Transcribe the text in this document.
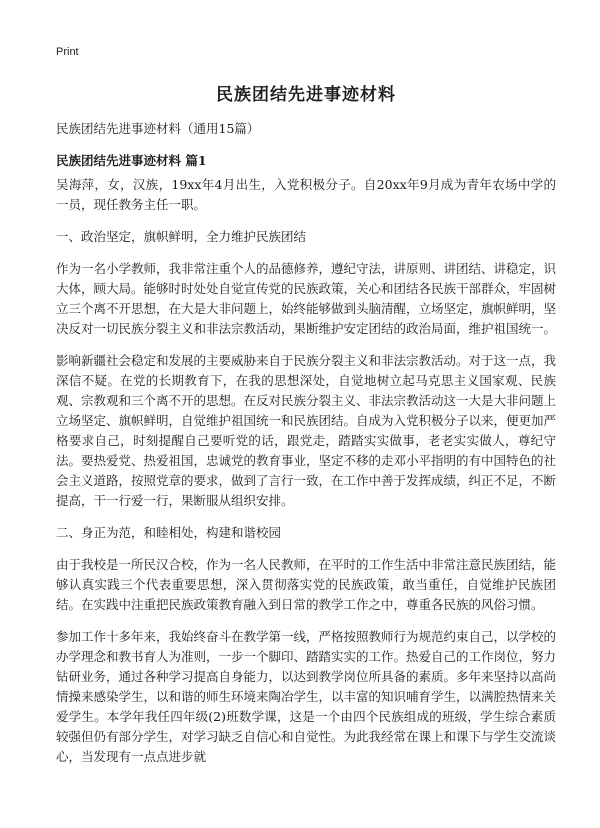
Print
民族团结先进事迹材料

民族团结先进事迹材料（通用15篇）

民族团结先进事迹材料 篇1

吴海萍，女，汉族，19xx年4月出生，入党积极分子。自20xx年9月成为青年农场中学的一员，现任教务主任一职。

一、政治坚定，旗帜鲜明，全力维护民族团结

作为一名小学教师，我非常注重个人的品德修养，遵纪守法，讲原则、讲团结、讲稳定，识大体，顾大局。能够时时处处自觉宣传党的民族政策，关心和团结各民族干部群众，牢固树立三个离不开思想，在大是大非问题上，始终能够做到头脑清醒，立场坚定，旗帜鲜明，坚决反对一切民族分裂主义和非法宗教活动，果断维护安定团结的政治局面，维护祖国统一。

影响新疆社会稳定和发展的主要威胁来自于民族分裂主义和非法宗教活动。对于这一点，我深信不疑。在党的长期教育下，在我的思想深处，自觉地树立起马克思主义国家观、民族观、宗教观和三个离不开的思想。在反对民族分裂主义、非法宗教活动这一大是大非问题上立场坚定、旗帜鲜明，自觉维护祖国统一和民族团结。自成为入党积极分子以来，便更加严格要求自己，时刻提醒自己要听党的话，跟党走，踏踏实实做事，老老实实做人，尊纪守法。要热爱党、热爱祖国，忠诚党的教育事业，坚定不移的走邓小平指明的有中国特色的社会主义道路，按照党章的要求，做到了言行一致，在工作中善于发挥成绩，纠正不足，不断提高，干一行爱一行，果断服从组织安排。

二、身正为范，和睦相处，构建和谐校园

由于我校是一所民汉合校，作为一名人民教师，在平时的工作生活中非常注意民族团结，能够认真实践三个代表重要思想，深入贯彻落实党的民族政策，敢当重任，自觉维护民族团结。在实践中注重把民族政策教育融入到日常的教学工作之中，尊重各民族的风俗习惯。

参加工作十多年来，我始终奋斗在教学第一线，严格按照教师行为规范约束自己，以学校的办学理念和教书育人为准则，一步一个脚印、踏踏实实的工作。热爱自己的工作岗位，努力钻研业务，通过各种学习提高自身能力，以达到教学岗位所具备的素质。多年来坚持以高尚情操来感染学生，以和谐的师生环境来陶冶学生，以丰富的知识哺育学生，以满腔热情来关爱学生。本学年我任四年级(2)班数学课，这是一个由四个民族组成的班级，学生综合素质较强但仍有部分学生，对学习缺乏自信心和自觉性。为此我经常在课上和课下与学生交流谈心，当发现有一点点进步就
